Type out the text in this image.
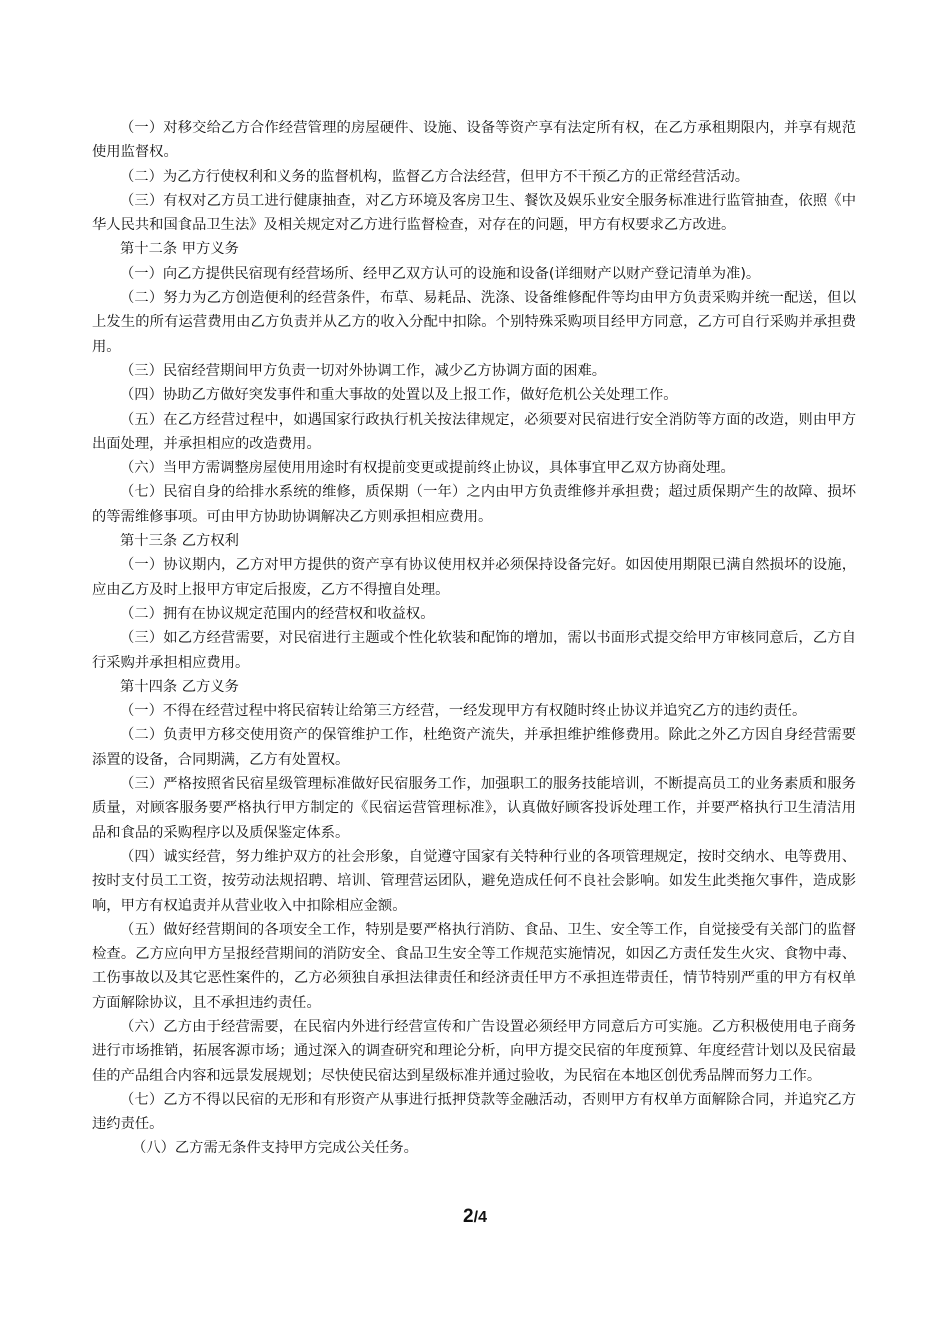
（一）对移交给乙方合作经营管理的房屋硬件、设施、设备等资产享有法定所有权，在乙方承租期限内，并享有规范
使用监督权。
（二）为乙方行使权利和义务的监督机构，监督乙方合法经营，但甲方不干预乙方的正常经营活动。
（三）有权对乙方员工进行健康抽查，对乙方环境及客房卫生、餐饮及娱乐业安全服务标准进行监管抽查，依照《中
华人民共和国食品卫生法》及相关规定对乙方进行监督检查，对存在的问题，甲方有权要求乙方改进。
第十二条 甲方义务
（一）向乙方提供民宿现有经营场所、经甲乙双方认可的设施和设备(详细财产以财产登记清单为准)。
（二）努力为乙方创造便利的经营条件，布草、易耗品、洗涤、设备维修配件等均由甲方负责采购并统一配送，但以
上发生的所有运营费用由乙方负责并从乙方的收入分配中扣除。个别特殊采购项目经甲方同意，乙方可自行采购并承担费
用。
（三）民宿经营期间甲方负责一切对外协调工作，减少乙方协调方面的困难。
（四）协助乙方做好突发事件和重大事故的处置以及上报工作，做好危机公关处理工作。
（五）在乙方经营过程中，如遇国家行政执行机关按法律规定，必须要对民宿进行安全消防等方面的改造，则由甲方
出面处理，并承担相应的改造费用。
（六）当甲方需调整房屋使用用途时有权提前变更或提前终止协议，具体事宜甲乙双方协商处理。
（七）民宿自身的给排水系统的维修，质保期（一年）之内由甲方负责维修并承担费；超过质保期产生的故障、损坏
的等需维修事项。可由甲方协助协调解决乙方则承担相应费用。
第十三条 乙方权利
（一）协议期内，乙方对甲方提供的资产享有协议使用权并必须保持设备完好。如因使用期限已满自然损坏的设施，
应由乙方及时上报甲方审定后报废，乙方不得擅自处理。
（二）拥有在协议规定范围内的经营权和收益权。
（三）如乙方经营需要，对民宿进行主题或个性化软装和配饰的增加，需以书面形式提交给甲方审核同意后，乙方自
行采购并承担相应费用。
第十四条 乙方义务
（一）不得在经营过程中将民宿转让给第三方经营，一经发现甲方有权随时终止协议并追究乙方的违约责任。
（二）负责甲方移交使用资产的保管维护工作，杜绝资产流失，并承担维护维修费用。除此之外乙方因自身经营需要
添置的设备，合同期满，乙方有处置权。
（三）严格按照省民宿星级管理标准做好民宿服务工作，加强职工的服务技能培训，不断提高员工的业务素质和服务
质量，对顾客服务要严格执行甲方制定的《民宿运营管理标准》，认真做好顾客投诉处理工作，并要严格执行卫生清洁用
品和食品的采购程序以及质保鉴定体系。
（四）诚实经营，努力维护双方的社会形象，自觉遵守国家有关特种行业的各项管理规定，按时交纳水、电等费用、
按时支付员工工资，按劳动法规招聘、培训、管理营运团队，避免造成任何不良社会影响。如发生此类拖欠事件，造成影
响，甲方有权追责并从营业收入中扣除相应金额。
（五）做好经营期间的各项安全工作，特别是要严格执行消防、食品、卫生、安全等工作，自觉接受有关部门的监督
检查。乙方应向甲方呈报经营期间的消防安全、食品卫生安全等工作规范实施情况，如因乙方责任发生火灾、食物中毒、
工伤事故以及其它恶性案件的，乙方必须独自承担法律责任和经济责任甲方不承担连带责任，情节特别严重的甲方有权单
方面解除协议，且不承担违约责任。
（六）乙方由于经营需要，在民宿内外进行经营宣传和广告设置必须经甲方同意后方可实施。乙方积极使用电子商务
进行市场推销，拓展客源市场；通过深入的调查研究和理论分析，向甲方提交民宿的年度预算、年度经营计划以及民宿最
佳的产品组合内容和远景发展规划；尽快使民宿达到星级标准并通过验收，为民宿在本地区创优秀品牌而努力工作。
（七）乙方不得以民宿的无形和有形资产从事进行抵押贷款等金融活动，否则甲方有权单方面解除合同，并追究乙方
违约责任。
（八）乙方需无条件支持甲方完成公关任务。
2/4
